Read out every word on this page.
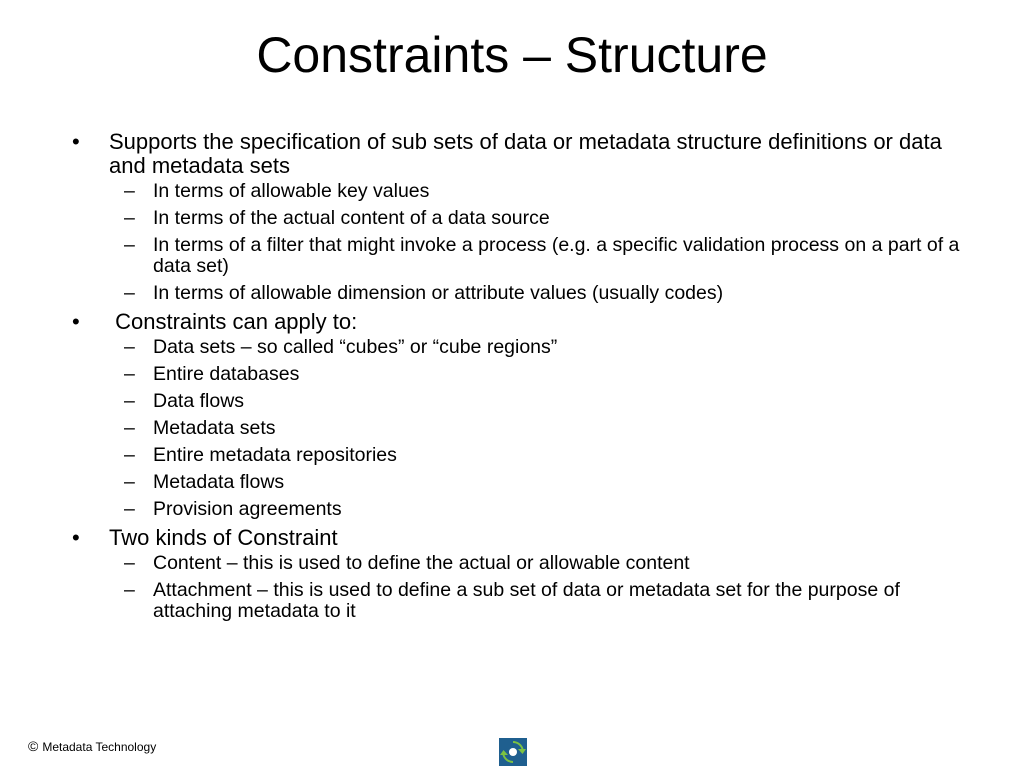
Constraints – Structure
• Supports the specification of sub sets of data or metadata structure definitions or data and metadata sets
– In terms of allowable key values
– In terms of the actual content of a data source
– In terms of a filter that might invoke a process (e.g. a specific validation process on a part of a data set)
– In terms of allowable dimension or attribute values (usually codes)
• Constraints can apply to:
– Data sets – so called “cubes” or “cube regions”
– Entire databases
– Data flows
– Metadata sets
– Entire metadata repositories
– Metadata flows
– Provision agreements
• Two kinds of Constraint
– Content – this is used to define the actual or allowable content
– Attachment – this is used to define a sub set of data or metadata set for the purpose of attaching metadata to it
© Metadata Technology
